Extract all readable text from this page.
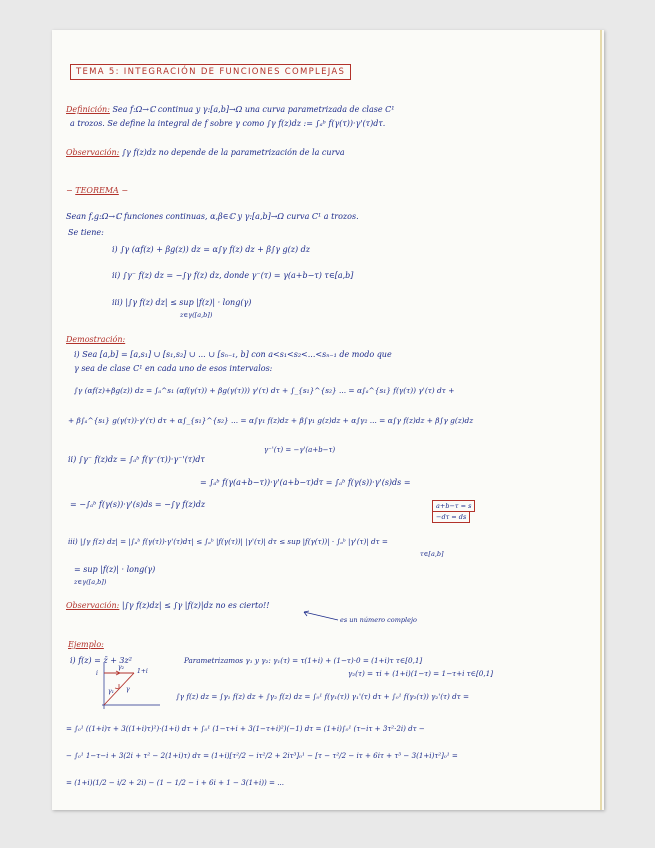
TEMA 5: INTEGRACIÓN DE FUNCIONES COMPLEJAS
Definición: Sea f:Ω→ℂ continua y γ:[a,b]→Ω una curva parametrizada de clase C¹
a trozos. Se define la integral de f sobre γ como ∫γ f(z)dz := ∫ₐᵇ f(γ(τ))·γ'(τ)dτ.
Observación: ∫γ f(z)dz no depende de la parametrización de la curva
− TEOREMA −
Sean f,g:Ω→ℂ funciones continuas, α,β∈ℂ y γ:[a,b]→Ω curva C¹ a trozos.
Se tiene:
i) ∫γ (αf(z) + βg(z)) dz = α∫γ f(z) dz + β∫γ g(z) dz
ii) ∫γ⁻ f(z) dz = −∫γ f(z) dz, donde γ⁻(τ) = γ(a+b−τ) τ∈[a,b]
iii) |∫γ f(z) dz| ≤ sup |f(z)| · long(γ)
z∈γ([a,b])
Demostración:
i) Sea [a,b] = [a,s₁] ∪ [s₁,s₂] ∪ ... ∪ [sₙ₋₁, b] con a<s₁<s₂<...<sₙ₋₁ de modo que
γ sea de clase C¹ en cada uno de esos intervalos:
∫γ (αf(z)+βg(z)) dz = ∫ₐ^s₁ (αf(γ(τ)) + βg(γ(τ))) γ'(τ) dτ + ∫_{s₁}^{s₂} ... = α∫ₐ^{s₁} f(γ(τ)) γ'(τ) dτ +
+ β∫ₐ^{s₁} g(γ(τ))·γ'(τ) dτ + α∫_{s₁}^{s₂} ... = α∫γ₁ f(z)dz + β∫γ₁ g(z)dz + α∫γ₂ ... = α∫γ f(z)dz + β∫γ g(z)dz
ii) ∫γ⁻ f(z)dz = ∫ₐᵇ f(γ⁻(τ))·γ⁻'(τ)dτ
γ⁻'(τ) = −γ'(a+b−τ)
= ∫ₐᵇ f(γ(a+b−τ))·γ'(a+b−τ)dτ = ∫ₐᵇ f(γ(s))·γ'(s)ds =
a+b−τ = s
−dτ = ds
= −∫ₐᵇ f(γ(s))·γ'(s)ds = −∫γ f(z)dz
iii) |∫γ f(z) dz| = |∫ₐᵇ f(γ(τ))·γ'(τ)dτ| ≤ ∫ₐᵇ |f(γ(τ))| |γ'(τ)| dτ ≤ sup |f(γ(τ))| · ∫ₐᵇ |γ'(τ)| dτ =
τ∈[a,b]
= sup |f(z)| · long(γ)
z∈γ([a,b])
Observación: |∫γ f(z)dz| ≤ ∫γ |f(z)|dz no es cierto!!
es un número complejo
Ejemplo:
i) f(z) = z̄ + 3z²	Parametrizamos γ₁ y γ₂: γ₁(τ) = τ(1+i) + (1−τ)·0 = (1+i)τ τ∈[0,1]
γ₂(τ) = τi + (1+i)(1−τ) = 1−τ+i τ∈[0,1]
i	1+i
γ₂
γ₁ γ
∫γ f(z) dz = ∫γ₁ f(z) dz + ∫γ₂ f(z) dz = ∫₀¹ f(γ₁(τ)) γ₁'(τ) dτ + ∫₀¹ f(γ₂(τ)) γ₂'(τ) dτ =
= ∫₀¹ ((1+i)τ + 3((1+i)τ)²)·(1+i) dτ + ∫₀¹ (1−τ+i + 3(1−τ+i)²)(−1) dτ = (1+i)∫₀¹ (τ−iτ + 3τ²·2i) dτ −
− ∫₀¹ 1−τ−i + 3(2i + τ² − 2(1+i)τ) dτ = (1+i)[τ²/2 − iτ²/2 + 2iτ³]₀¹ − [τ − τ²/2 − iτ + 6iτ + τ³ − 3(1+i)τ²]₀¹ =
= (1+i)(1/2 − i/2 + 2i) − (1 − 1/2 − i + 6i + 1 − 3(1+i)) = ...
